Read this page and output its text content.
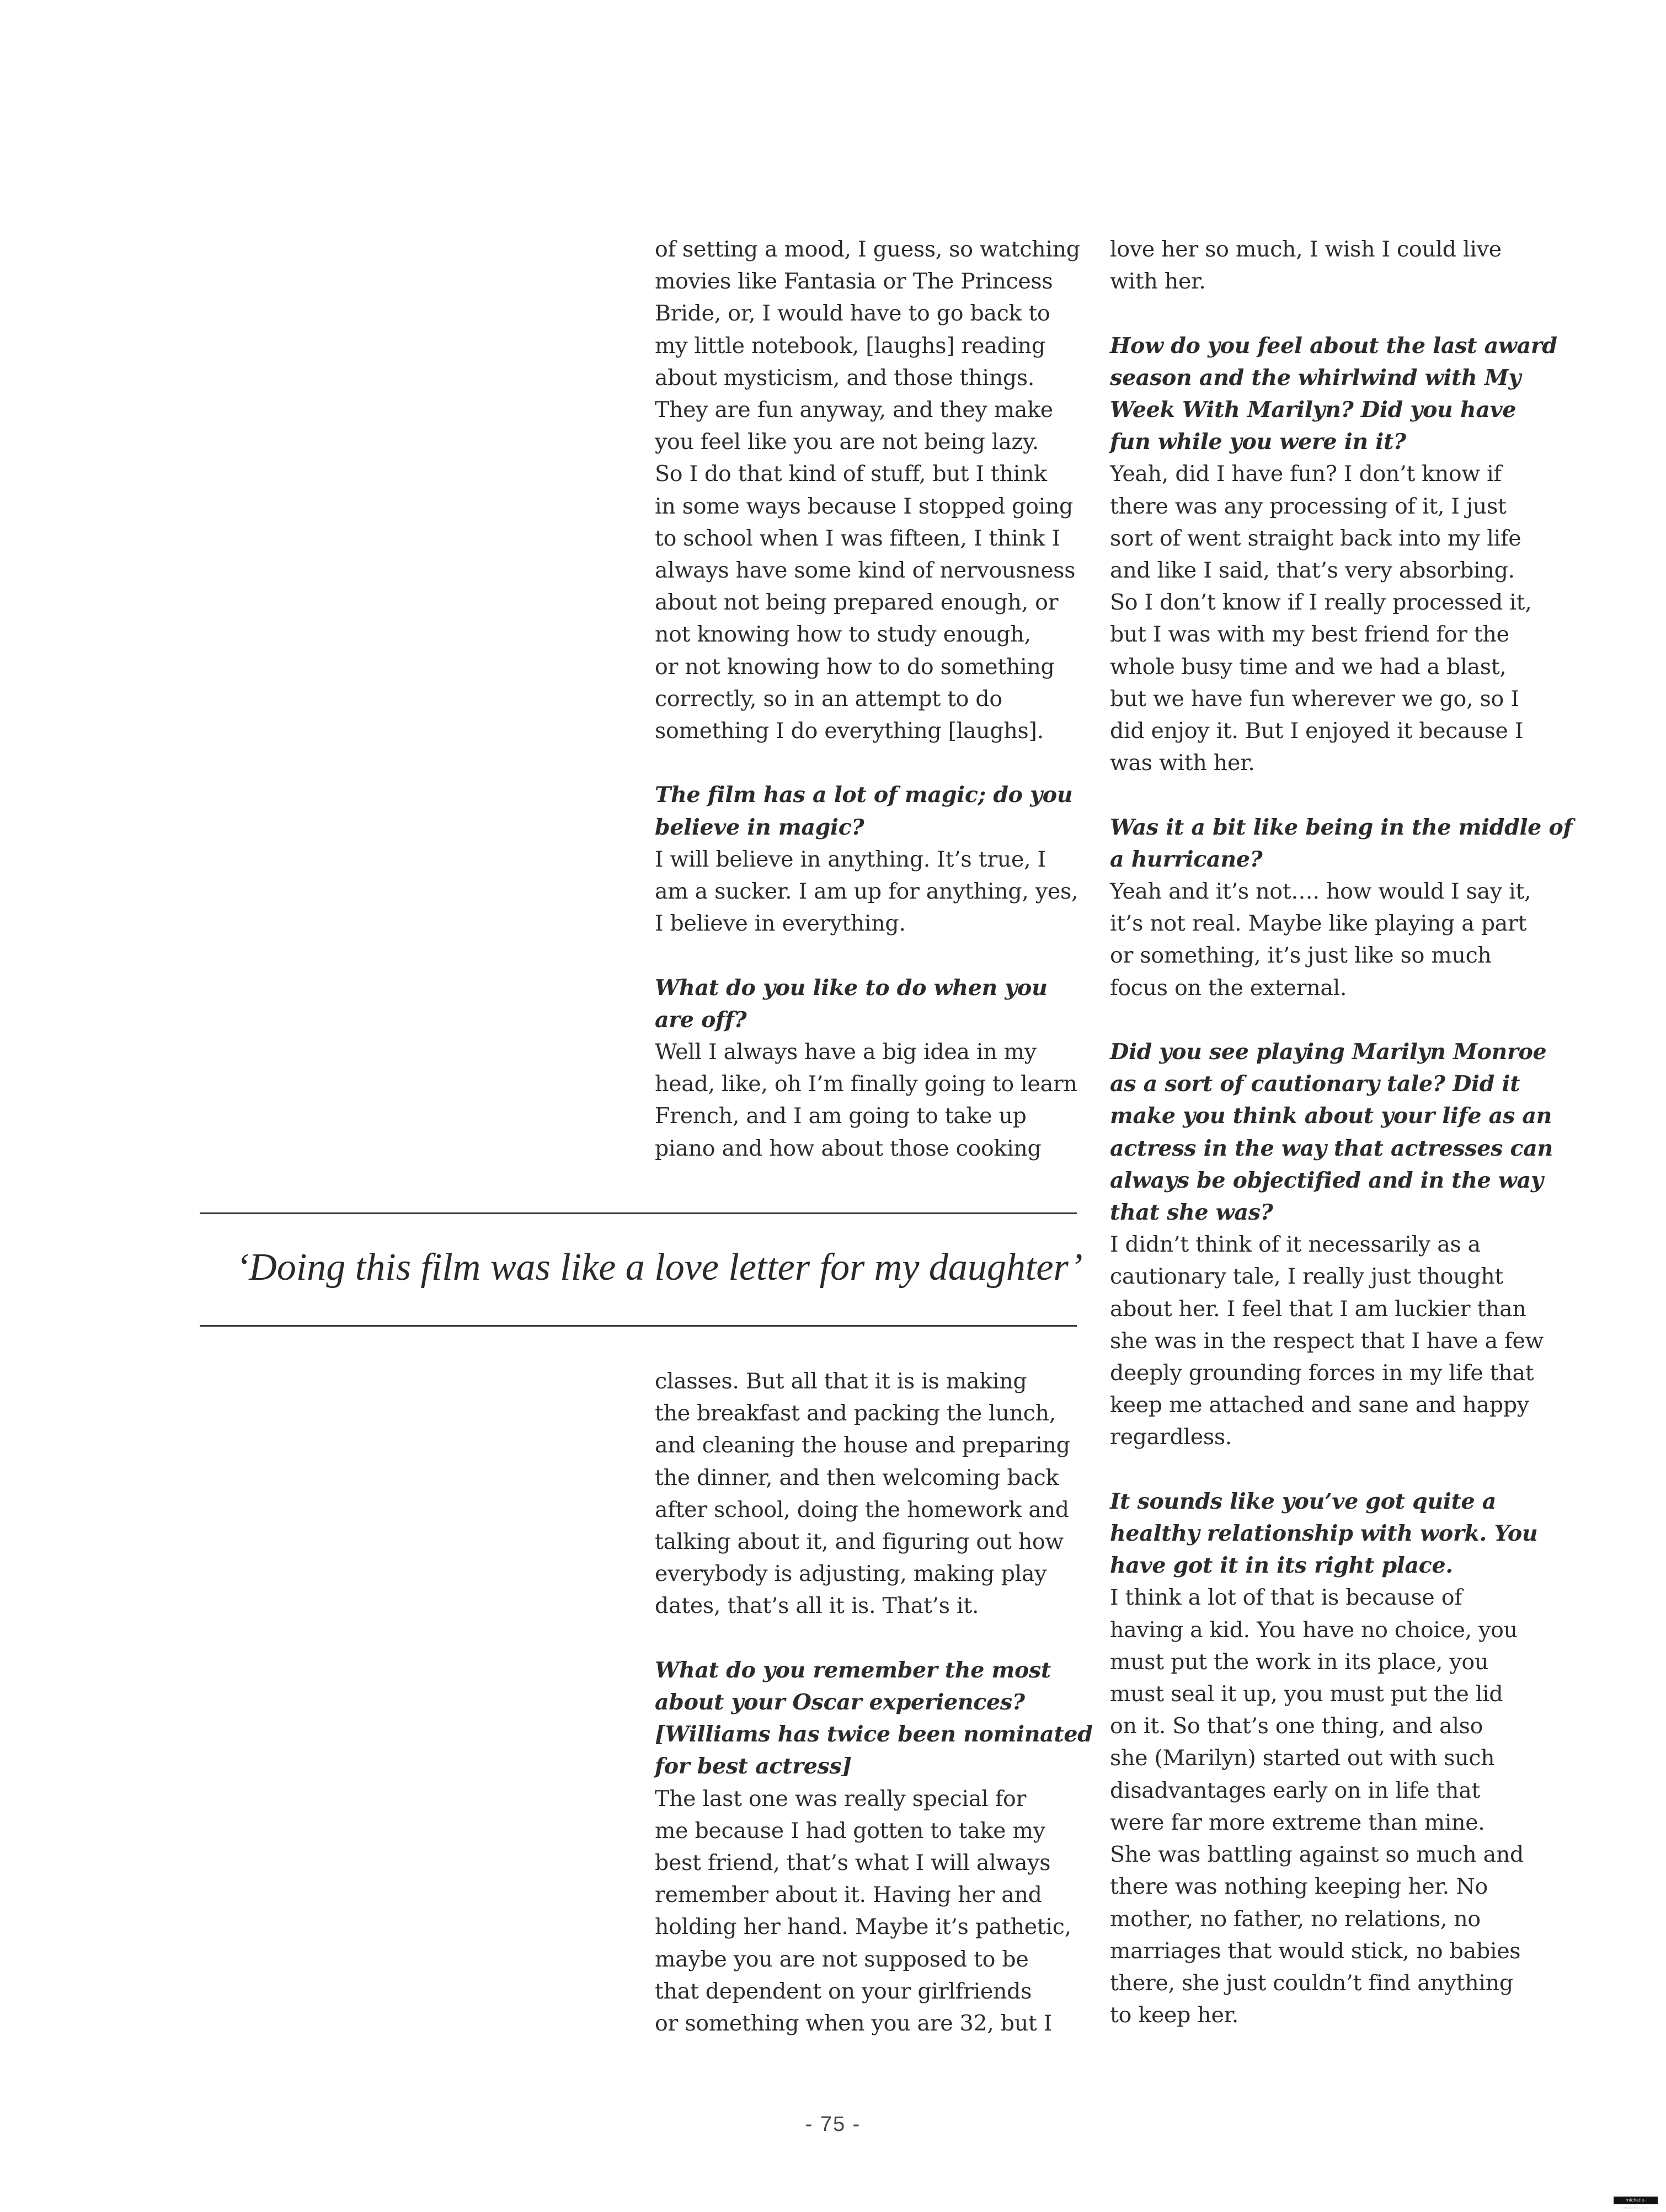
of setting a mood, I guess, so watching

movies like Fantasia or The Princess

Bride, or, I would have to go back to

my little notebook, [laughs] reading

about mysticism, and those things.

They are fun anyway, and they make

you feel like you are not being lazy.

So I do that kind of stuff, but I think

in some ways because I stopped going

to school when I was fifteen, I think I

always have some kind of nervousness

about not being prepared enough, or

not knowing how to study enough,

or not knowing how to do something

correctly, so in an attempt to do

something I do everything [laughs].

The film has a lot of magic; do you

believe in magic?

I will believe in anything. It’s true, I

am a sucker. I am up for anything, yes,

I believe in everything.

What do you like to do when you

are off?

Well I always have a big idea in my

head, like, oh I’m finally going to learn

French, and I am going to take up

piano and how about those cooking

classes. But all that it is is making

the breakfast and packing the lunch,

and cleaning the house and preparing

the dinner, and then welcoming back

after school, doing the homework and

talking about it, and figuring out how

everybody is adjusting, making play

dates, that’s all it is. That’s it.

What do you remember the most

about your Oscar experiences?

[Williams has twice been nominated

for best actress]

The last one was really special for

me because I had gotten to take my

best friend, that’s what I will always

remember about it. Having her and

holding her hand. Maybe it’s pathetic,

maybe you are not supposed to be

that dependent on your girlfriends

or something when you are 32, but I

love her so much, I wish I could live

with her.

How do you feel about the last award

season and the whirlwind with My

Week With Marilyn? Did you have

fun while you were in it?

Yeah, did I have fun? I don’t know if

there was any processing of it, I just

sort of went straight back into my life

and like I said, that’s very absorbing.

So I don’t know if I really processed it,

but I was with my best friend for the

whole busy time and we had a blast,

but we have fun wherever we go, so I

did enjoy it. But I enjoyed it because I

was with her.

Was it a bit like being in the middle of

a hurricane?

Yeah and it’s not…. how would I say it,

it’s not real. Maybe like playing a part

or something, it’s just like so much

focus on the external.

Did you see playing Marilyn Monroe

as a sort of cautionary tale? Did it

make you think about your life as an

actress in the way that actresses can

always be objectified and in the way

that she was?

I didn’t think of it necessarily as a

cautionary tale, I really just thought

about her. I feel that I am luckier than

she was in the respect that I have a few

deeply grounding forces in my life that

keep me attached and sane and happy

regardless.

It sounds like you’ve got quite a

healthy relationship with work. You

have got it in its right place.

I think a lot of that is because of

having a kid. You have no choice, you

must put the work in its place, you

must seal it up, you must put the lid

on it. So that’s one thing, and also

she (Marilyn) started out with such

disadvantages early on in life that

were far more extreme than mine.

She was battling against so much and

there was nothing keeping her. No

mother, no father, no relations, no

marriages that would stick, no babies

there, she just couldn’t find anything

to keep her.

‘Doing this film was like a love letter for my daughter’
- 75 -
michelle-williams.org
